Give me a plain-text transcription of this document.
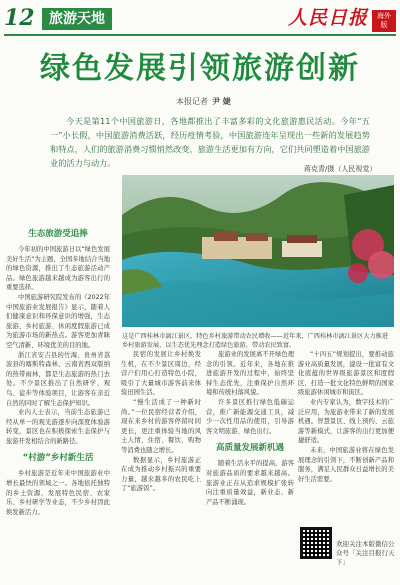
12	旅游天地	人民日报	海外版
绿色发展引领旅游创新
本报记者 尹 婕
今天是第11个中国旅游日，各地都推出了丰富多彩的文化旅游惠民活动。今年“五一”小长假，中国旅游消费活跃，经历疫情考验，中国旅游连年呈现出一些新的发展趋势和特点，人们的旅游消费习惯悄然改变，旅游生活更加有方向，它们共同塑造着中国旅游业的活力与动力。
蒋克青/摄（人民视觉）
这是广西桂林市漓江景区，特色乡村旅游带动农民增收——近年来，广西桂林市漓江景区大力推进乡村旅游发展，以生态优先理念打造绿色旅游，带动农民致富。
生态旅游受追捧

今年初的中国旅游日以“绿色发展 美好生活”为主题，全国多地结合当地的绿色资源，推出了生态旅游活动产品。绿色旅游越来越成为游客出行的重要选择。

中国旅游研究院发布的《2022年中国旅游业发展报告》显示，随着人们健康意识和环保意识的增强，生态旅游、乡村旅游、休闲度假旅游已成为旅游市场的新热点。游客更加青睐空气清新、环境优美的目的地。

浙江省安吉县的竹海、贵州省荔波县的喀斯特森林、云南省西双版纳的热带雨林，都是生态旅游的热门去处。不少景区推出了自然研学、观鸟、徒步等体验项目，让游客在亲近自然的同时了解生态保护知识。

业内人士表示，当前生态旅游已经从单一的观光游逐步向深度体验游转变，景区也在积极探索生态保护与旅游开发相结合的新路径。

“村游”乡村新生活

乡村旅游是近年来中国旅游业中增长最快的领域之一。各地依托独特的乡土资源，发展特色民宿、农家乐、乡村研学等业态，不少乡村因此焕发新活力。

民宿的发展让乡村焕发生机，在不少景区周边，经营户们用心打造特色小院，吸引了大量城市游客前来体验田园生活。

“慢生活成了一种新时尚。”一位民宿经营者介绍，现在来乡村的游客停留时间更长，更注重体验当地的风土人情，住宿、餐饮、购物等消费也随之增长。

数据显示，乡村旅游正在成为推动乡村振兴的重要力量，越来越多的农民吃上了“旅游饭”。

旅游业的发展离不开绿色理念的引领。近年来，各地在推进旅游开发的过程中，始终坚持生态优先，注重保护自然环境和传统村落风貌。

许多景区推行绿色低碳运营，推广新能源交通工具，减少一次性用品的使用，引导游客文明旅游、绿色出行。

高质量发展新机遇

随着生活水平的提高，游客对旅游品质的要求越来越高。旅游业正在从追求规模扩张转向注重质量效益，新业态、新产品不断涌现。

“十四五”规划提出，要推动旅游业高质量发展，建设一批富有文化底蕴的世界级旅游景区和度假区，打造一批文化特色鲜明的国家级旅游休闲城市和街区。

业内专家认为，数字技术的广泛应用，为旅游业带来了新的发展机遇。智慧景区、线上预约、云旅游等新模式，让游客的出行更加便捷舒适。

未来，中国旅游业将在绿色发展理念的引领下，不断创新产品和服务，满足人民群众日益增长的美好生活需要。

欢迎关注本版微信公众号「关注目报行天下」
